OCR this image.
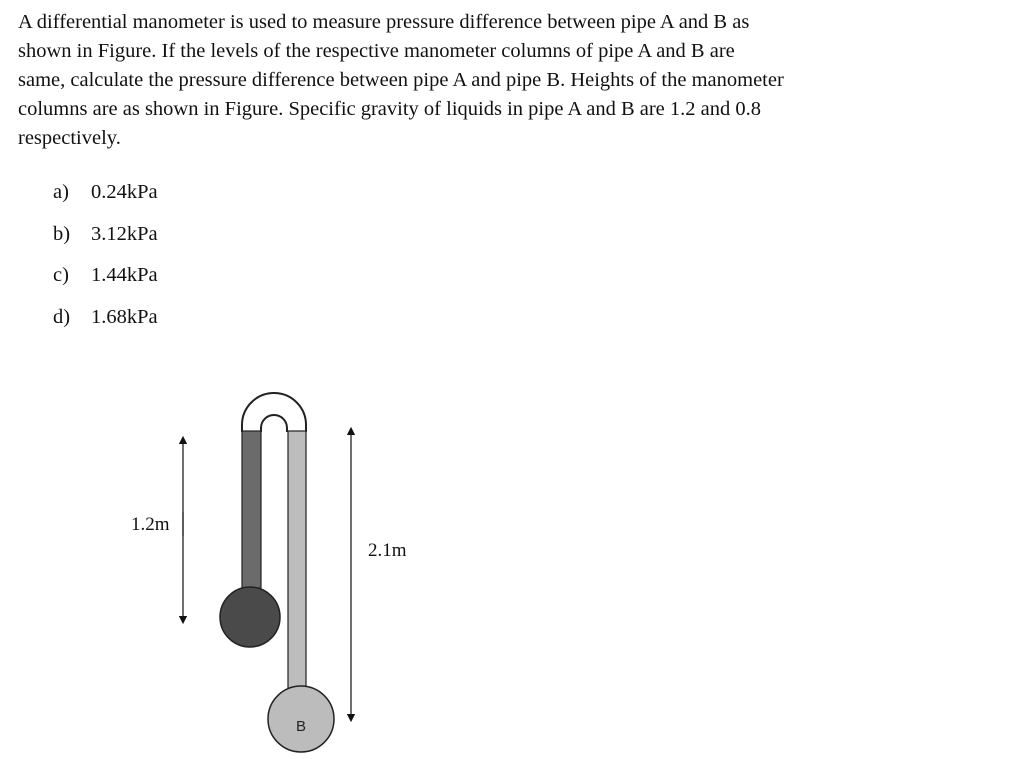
A differential manometer is used to measure pressure difference between pipe A and B as
shown in Figure. If the levels of the respective manometer columns of pipe A and B are
same, calculate the pressure difference between pipe A and pipe B. Heights of the manometer
columns are as shown in Figure. Specific gravity of liquids in pipe A and B are 1.2 and 0.8
respectively.

a) 0.24kPa
b) 3.12kPa
c) 1.44kPa
d) 1.68kPa
1.2m
2.1m
B
